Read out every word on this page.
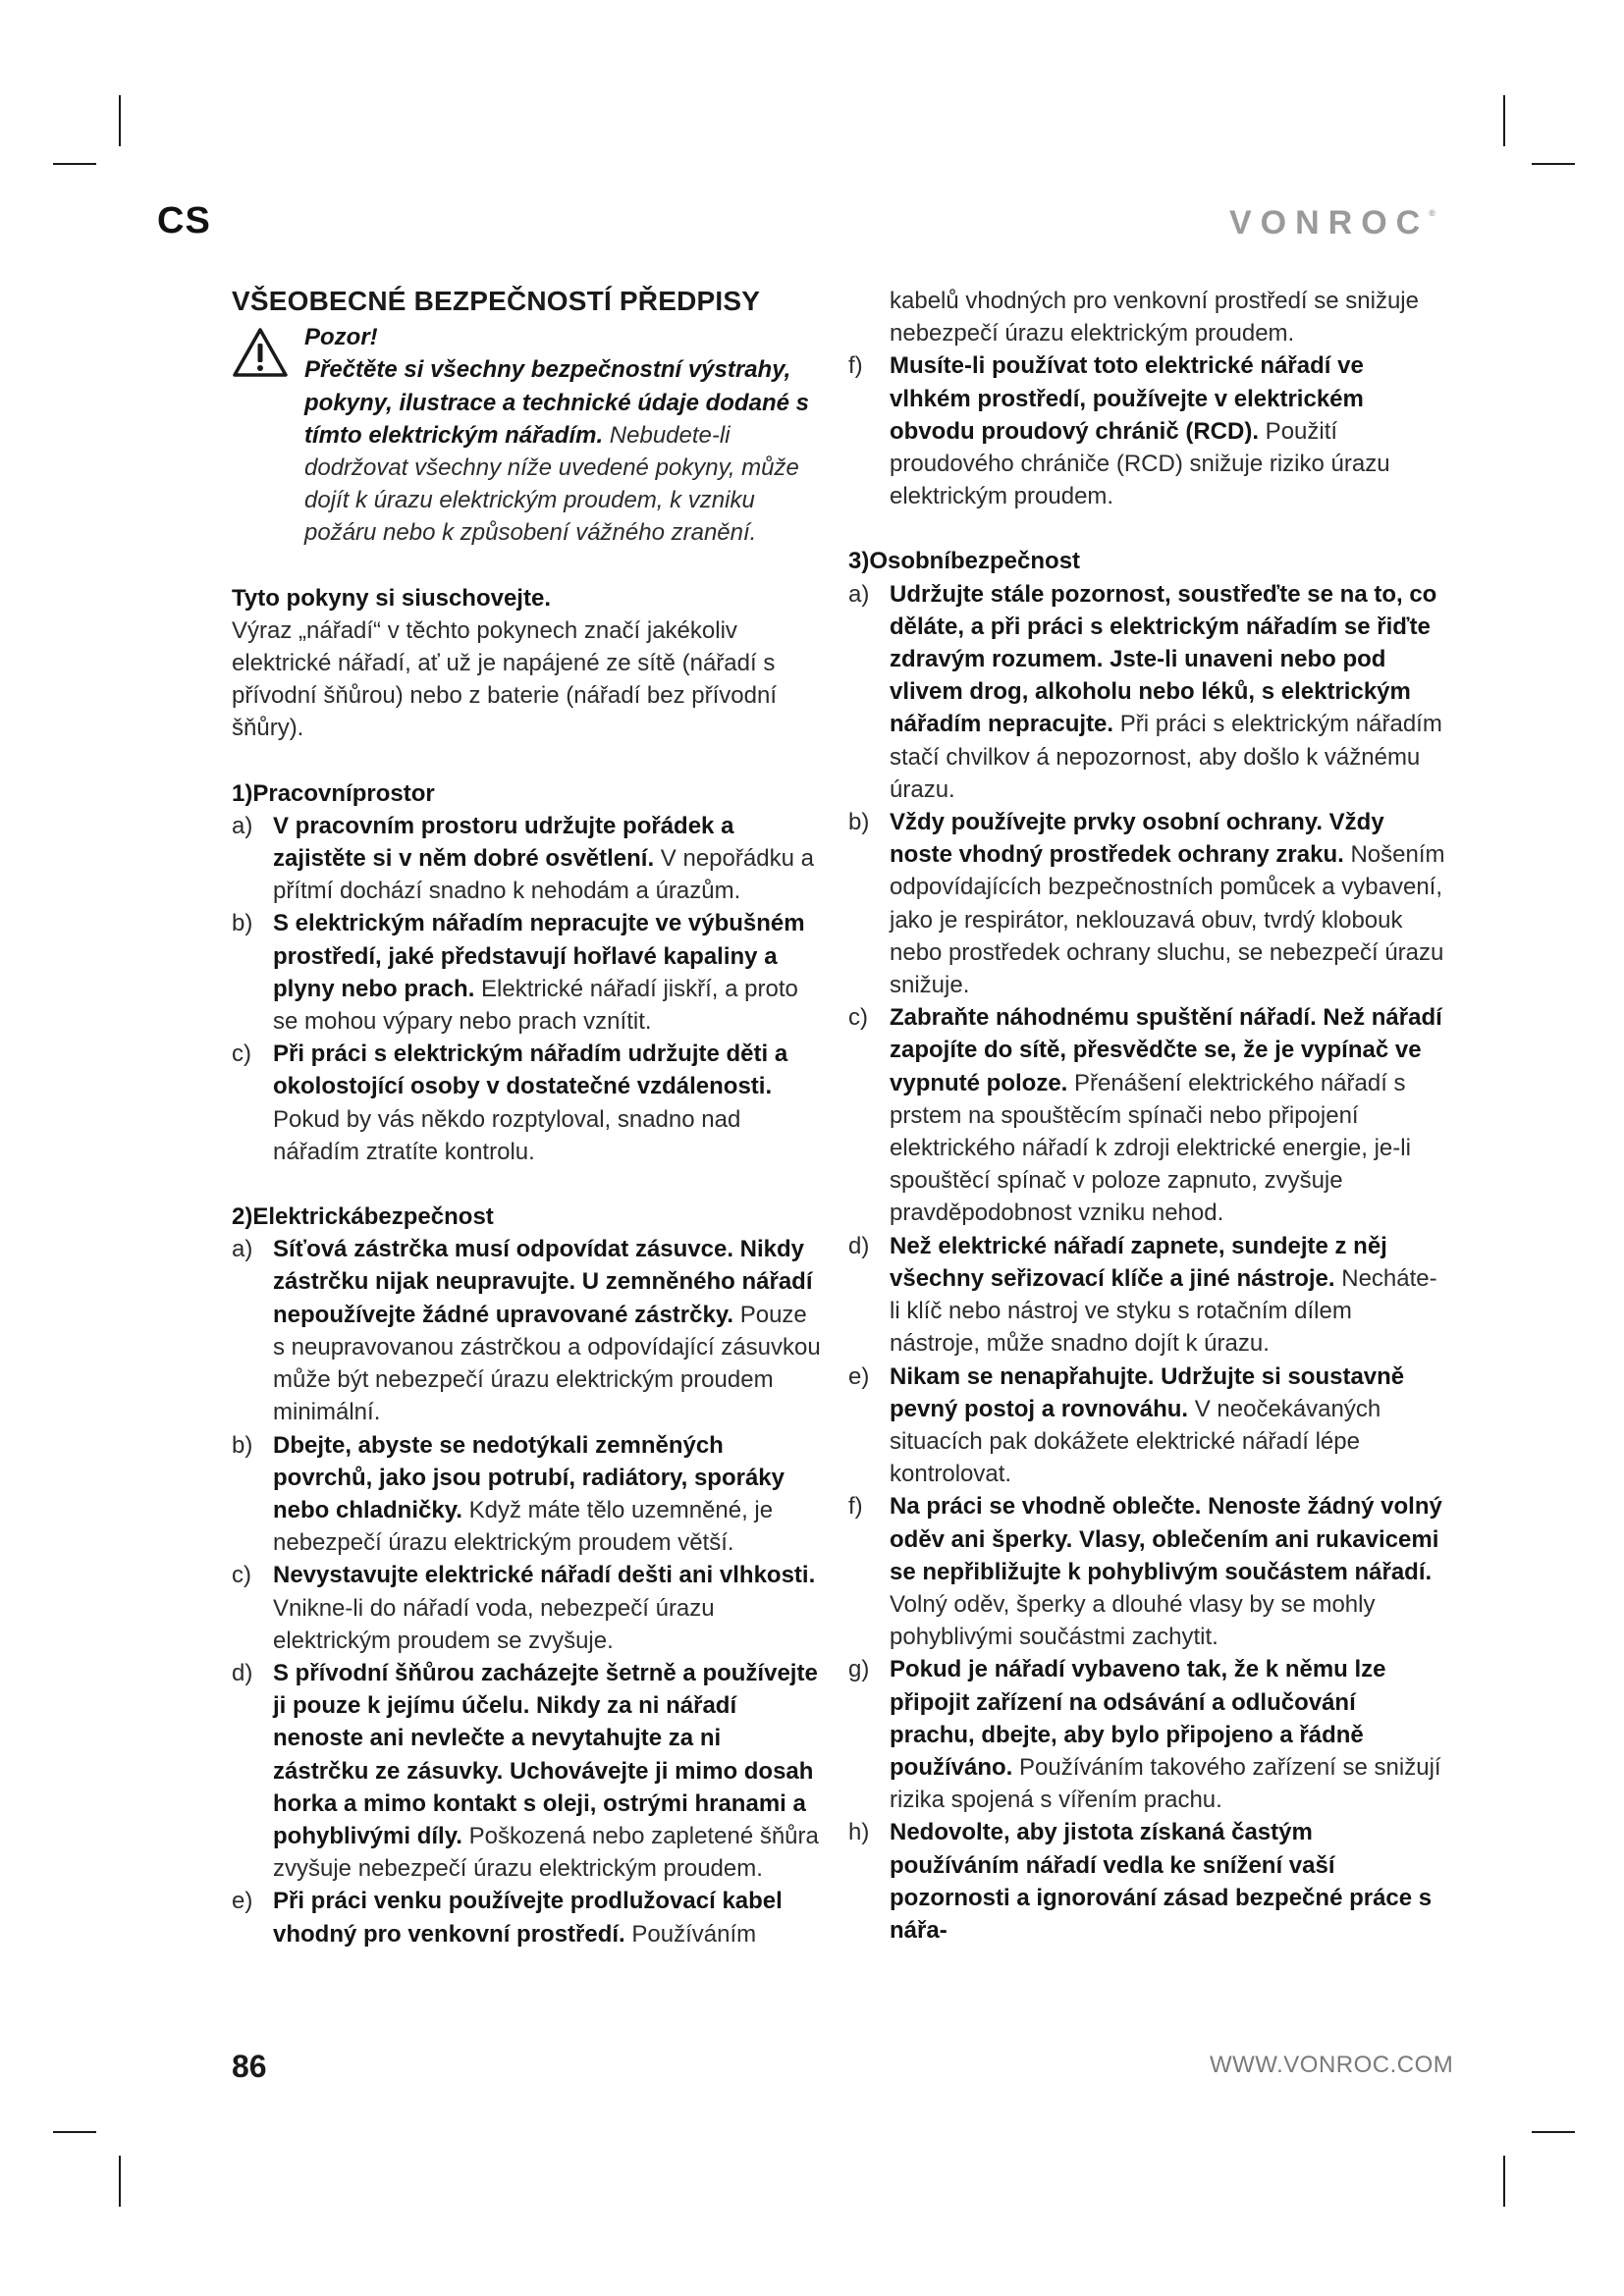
CS	VONROC®
VŠEOBECNÉ BEZPEČNOSTÍ PŘEDPISY
Pozor!
Přečtěte si všechny bezpečnostní výstrahy, pokyny, ilustrace a technické údaje dodané s tímto elektrickým nářadím. Nebudete-li dodržovat všechny níže uvedené pokyny, může dojít k úrazu elektrickým proudem, k vzniku požáru nebo k způsobení vážného zranění.
Tyto pokyny si siuschovejte.
Výraz „nářadí“ v těchto pokynech značí jakékoliv elektrické nářadí, ať už je napájené ze sítě (nářadí s přívodní šňůrou) nebo z baterie (nářadí bez přívodní šňůry).
1)Pracovníprostor
a) V pracovním prostoru udržujte pořádek a zajistěte si v něm dobré osvětlení. V nepořádku a přítmí dochází snadno k nehodám a úrazům.
b) S elektrickým nářadím nepracujte ve výbušném prostředí, jaké představují hořlavé kapaliny a plyny nebo prach. Elektrické nářadí jiskří, a proto se mohou výpary nebo prach vznítit.
c) Při práci s elektrickým nářadím udržujte děti a okolostojící osoby v dostatečné vzdálenosti. Pokud by vás někdo rozptyloval, snadno nad nářadím ztratíte kontrolu.
2)Elektrickábezpečnost
a) Síťová zástrčka musí odpovídat zásuvce. Nikdy zástrčku nijak neupravujte. U zemněného nářadí nepoužívejte žádné upravované zástrčky. Pouze s neupravovanou zástrčkou a odpovídající zásuvkou může být nebezpečí úrazu elektrickým proudem minimální.
b) Dbejte, abyste se nedotýkali zemněných povrchů, jako jsou potrubí, radiátory, sporáky nebo chladničky. Když máte tělo uzemněné, je nebezpečí úrazu elektrickým proudem větší.
c) Nevystavujte elektrické nářadí dešti ani vlhkosti. Vnikne-li do nářadí voda, nebezpečí úrazu elektrickým proudem se zvyšuje.
d) S přívodní šňůrou zacházejte šetrně a používejte ji pouze k jejímu účelu. Nikdy za ni nářadí nenoste ani nevlečte a nevytahujte za ni zástrčku ze zásuvky. Uchovávejte ji mimo dosah horka a mimo kontakt s oleji, ostrými hranami a pohyblivými díly. Poškozená nebo zapletené šňůra zvyšuje nebezpečí úrazu elektrickým proudem.
e) Při práci venku používejte prodlužovací kabel vhodný pro venkovní prostředí. Používáním
kabelů vhodných pro venkovní prostředí se snižuje nebezpečí úrazu elektrickým proudem.
f)	Musíte-li používat toto elektrické nářadí ve vlhkém prostředí, používejte v elektrickém obvodu proudový chránič (RCD). Použití proudového chrániče (RCD) snižuje riziko úrazu elektrickým proudem.
3)Osobníbezpečnost
a) Udržujte stále pozornost, soustřeďte se na to, co děláte, a při práci s elektrickým nářadím se řiďte zdravým rozumem. Jste-li unaveni nebo pod vlivem drog, alkoholu nebo léků, s elektrickým nářadím nepracujte. Při práci s elektrickým nářadím stačí chvilkov á nepozornost, aby došlo k vážnému úrazu.
b) Vždy používejte prvky osobní ochrany. Vždy noste vhodný prostředek ochrany zraku. Nošením odpovídajících bezpečnostních pomůcek a vybavení, jako je respirátor, neklouzavá obuv, tvrdý klobouk nebo prostředek ochrany sluchu, se nebezpečí úrazu snižuje.
c) Zabraňte náhodnému spuštění nářadí. Než nářadí zapojíte do sítě, přesvědčte se, že je vypínač ve vypnuté poloze. Přenášení elektrického nářadí s prstem na spouštěcím spínači nebo připojení elektrického nářadí k zdroji elektrické energie, je-li spouštěcí spínač v poloze zapnuto, zvyšuje pravděpodobnost vzniku nehod.
d) Než elektrické nářadí zapnete, sundejte z něj všechny seřizovací klíče a jiné nástroje. Necháte-li klíč nebo nástroj ve styku s rotačním dílem nástroje, může snadno dojít k úrazu.
e) Nikam se nenapřahujte. Udržujte si soustavně pevný postoj a rovnováhu. V neočekávaných situacích pak dokážete elektrické nářadí lépe kontrolovat.
f)	Na práci se vhodně oblečte. Nenoste žádný volný oděv ani šperky. Vlasy, oblečením ani rukavicemi se nepřibližujte k pohyblivým součástem nářadí. Volný oděv, šperky a dlouhé vlasy by se mohly pohyblivými součástmi zachytit.
g) Pokud je nářadí vybaveno tak, že k němu lze připojit zařízení na odsávání a odlučování prachu, dbejte, aby bylo připojeno a řádně používáno. Používáním takového zařízení se snižují rizika spojená s vířením prachu.
h) Nedovolte, aby jistota získaná častým používáním nářadí vedla ke snížení vaší pozornosti a ignorování zásad bezpečné práce s nářa-
86	WWW.VONROC.COM
